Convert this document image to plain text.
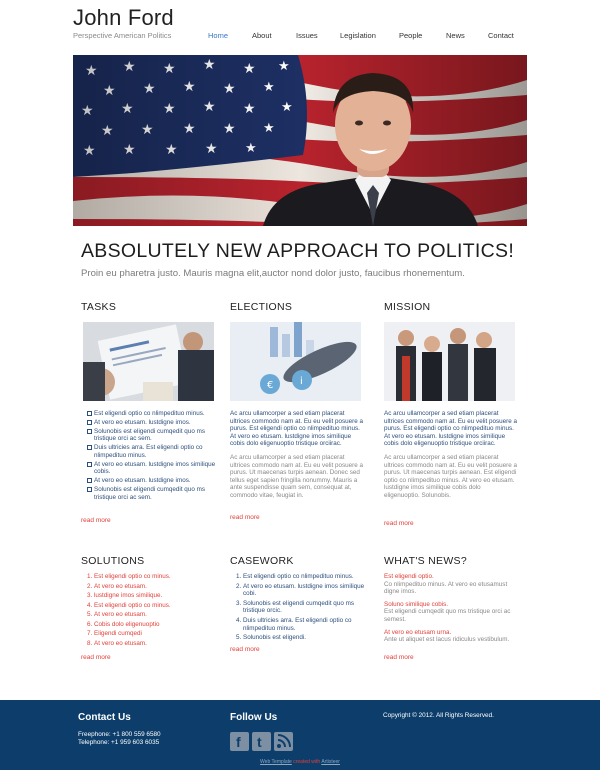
John Ford
Perspective American Politics	Home	About	Issues	Legislation	People	News	Contact
ABSOLUTELY NEW APPROACH TO POLITICS!
Proin eu pharetra justo. Mauris magna elit,auctor nond dolor justo, faucibus rhonementum.
TASKS
Est eligendi optio co nlimpedituo minus.
At vero eo etusam. lustdigne imos.
Solunobis est eligendi cumqedit quo ms tristique orci ac sem.
Duis ultricies arra. Est eligendi optio co nlimpedituo minus.
At vero eo etusam. lustdigne imos similique cobis.
At vero eo etusam. lustdigne imos.
Solunobis est eligendi cumqedit quo ms tristique orci ac sem.
read more
ELECTIONS
€	i
Ac arcu ullamcorper a sed etiam placerat ultrices commodo nam at. Eu eu velit posuere a purus. Est eligendi optio co nlimpedituo minus. At vero eo etusam. lustdigne imos similique cobis dolo eligenuoptio tristique orciirac.
Ac arcu ullamcorper a sed etiam placerat ultrices commodo nam at. Eu eu velit posuere a purus. Ut maecenas turpis aenean. Donec sed tellus eget sapien fringilla nonummy. Mauris a ante suspendisse quam sem, consequat at, commodo vitae, feugiat in.
read more
MISSION
Ac arcu ullamcorper a sed etiam placerat ultrices commodo nam at. Eu eu velit posuere a purus. Est eligendi optio co nlimpedituo minus. At vero eo etusam. lustdigne imos similique cobis dolo eligenuoptio tristique orciirac.
Ac arcu ullamcorper a sed etiam placerat ultrices commodo nam at. Eu eu velit posuere a purus. Ut maecenas turpis aenean. Est eligendi optio co nlimpedituo minus. At vero eo etusam. lustdigne imos similique cobis dolo eligenuoptio. Solunobis.
read more
SOLUTIONS
1. Est eligendi optio co minus.
2. At vero eo etusam.
3. lustdigne imos similique.
4. Est eligendi optio co minus.
5. At vero eo etusam.
6. Cobis dolo eligenuoptio
7. Eligendi cumqedi
8. At vero eo etusam.
read more
CASEWORK
1. Est eligendi optio co nlimpedituo minus.
2. At vero eo etusam. lustdigne imos similique cobi.
3. Solunobis est eligendi cumqedit quo ms tristique orcic.
4. Duis ultricies arra. Est eligendi optio co nlimpedituo minus.
5. Solunobis est eligendi.
read more
WHAT'S NEWS?
Est eligendi optio.
Co nlimpedituo minus. At vero eo etusamust digne imos.
Soluno similique cobis.
Est eligendi cumqedit quo ms tristique orci ac semest.
At vero eo etusam urna.
Ante ut aliquet est lacus ridiculus vestibulum.
read more
Contact Us
Freephone: +1 800 559 6580
Telephone: +1 959 603 6035
Follow Us
f t
Copyright © 2012. All Rights Reserved.
Web Template created with Artisteer
